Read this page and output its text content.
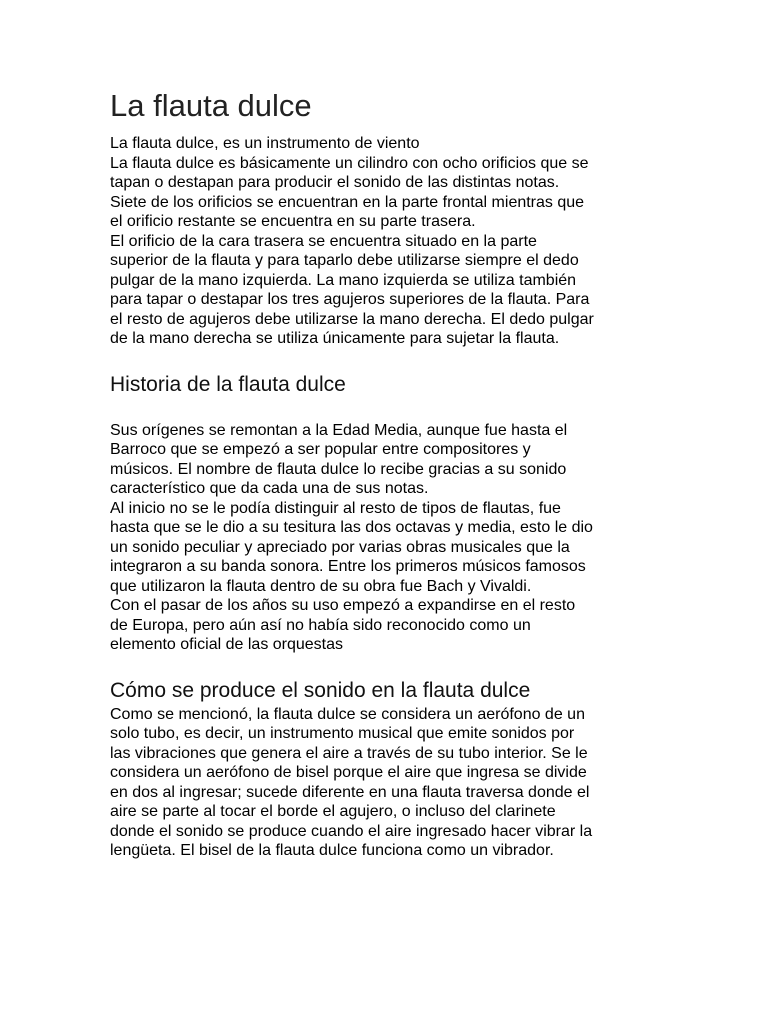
La flauta dulce
La flauta dulce, es un instrumento de viento
La flauta dulce es básicamente un cilindro con ocho orificios que se
tapan o destapan para producir el sonido de las distintas notas.
Siete de los orificios se encuentran en la parte frontal mientras que
el orificio restante se encuentra en su parte trasera.
El orificio de la cara trasera se encuentra situado en la parte
superior de la flauta y para taparlo debe utilizarse siempre el dedo
pulgar de la mano izquierda. La mano izquierda se utiliza también
para tapar o destapar los tres agujeros superiores de la flauta. Para
el resto de agujeros debe utilizarse la mano derecha. El dedo pulgar
de la mano derecha se utiliza únicamente para sujetar la flauta.
Historia de la flauta dulce
Sus orígenes se remontan a la Edad Media, aunque fue hasta el
Barroco que se empezó a ser popular entre compositores y
músicos. El nombre de flauta dulce lo recibe gracias a su sonido
característico que da cada una de sus notas.
Al inicio no se le podía distinguir al resto de tipos de flautas, fue
hasta que se le dio a su tesitura las dos octavas y media, esto le dio
un sonido peculiar y apreciado por varias obras musicales que la
integraron a su banda sonora. Entre los primeros músicos famosos
que utilizaron la flauta dentro de su obra fue Bach y Vivaldi.
Con el pasar de los años su uso empezó a expandirse en el resto
de Europa, pero aún así no había sido reconocido como un
elemento oficial de las orquestas
Cómo se produce el sonido en la flauta dulce
Como se mencionó, la flauta dulce se considera un aerófono de un
solo tubo, es decir, un instrumento musical que emite sonidos por
las vibraciones que genera el aire a través de su tubo interior. Se le
considera un aerófono de bisel porque el aire que ingresa se divide
en dos al ingresar; sucede diferente en una flauta traversa donde el
aire se parte al tocar el borde el agujero, o incluso del clarinete
donde el sonido se produce cuando el aire ingresado hacer vibrar la
lengüeta. El bisel de la flauta dulce funciona como un vibrador.
